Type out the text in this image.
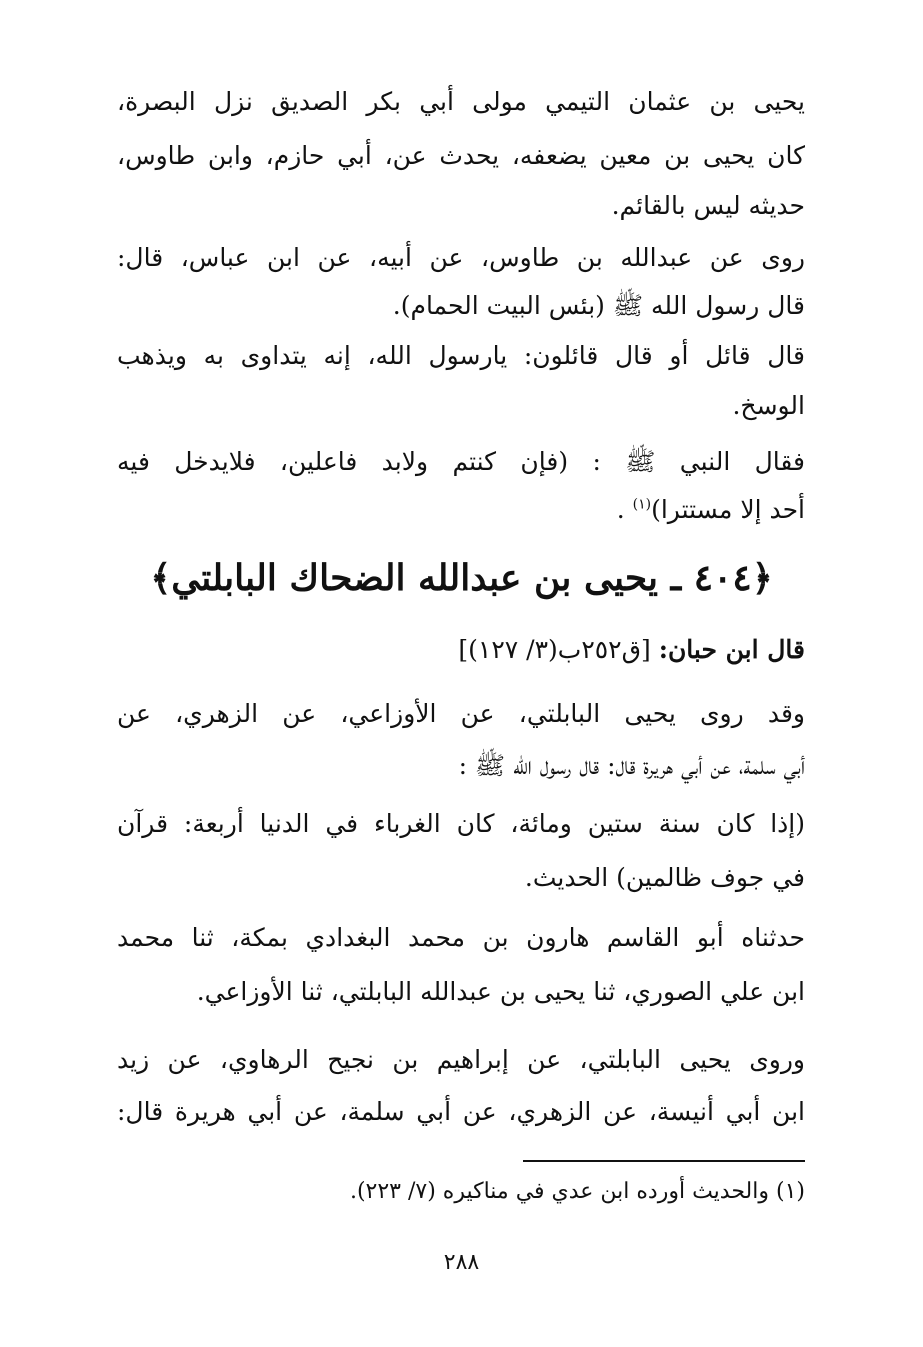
يحيى بن عثمان التيمي مولى أبي بكر الصديق نزل البصرة،
كان يحيى بن معين يضعفه، يحدث عن، أبي حازم، وابن طاوس،
حديثه ليس بالقائم.
روى عن عبدالله بن طاوس، عن أبيه، عن ابن عباس، قال:
قال رسول الله ﷺ (بئس البيت الحمام).
قال قائل أو قال قائلون: يارسول الله، إنه يتداوى به ويذهب
الوسخ.
فقال النبي ﷺ : (فإن كنتم ولابد فاعلين، فلايدخل فيه
أحد إلا مستترا)$^{(١)}$ .
﴿٤٠٤ ـ يحيى بن عبدالله الضحاك البابلتي﴾
قال ابن حبان: [ق٢٥٢ب(٣/ ١٢٧)]
وقد روى يحيى البابلتي، عن الأوزاعي، عن الزهري، عن
أبي سلمة، عن أبي هريرة قال: قال رسول الله ﷺ :
(إذا كان سنة ستين ومائة، كان الغرباء في الدنيا أربعة: قرآن
في جوف ظالمين) الحديث.
حدثناه أبو القاسم هارون بن محمد البغدادي بمكة، ثنا محمد
ابن علي الصوري، ثنا يحيى بن عبدالله البابلتي، ثنا الأوزاعي.
وروى يحيى البابلتي، عن إبراهيم بن نجيح الرهاوي، عن زيد
ابن أبي أنيسة، عن الزهري، عن أبي سلمة، عن أبي هريرة قال:
(١) والحديث أورده ابن عدي في مناكيره (٧/ ٢٢٣).
٢٨٨
